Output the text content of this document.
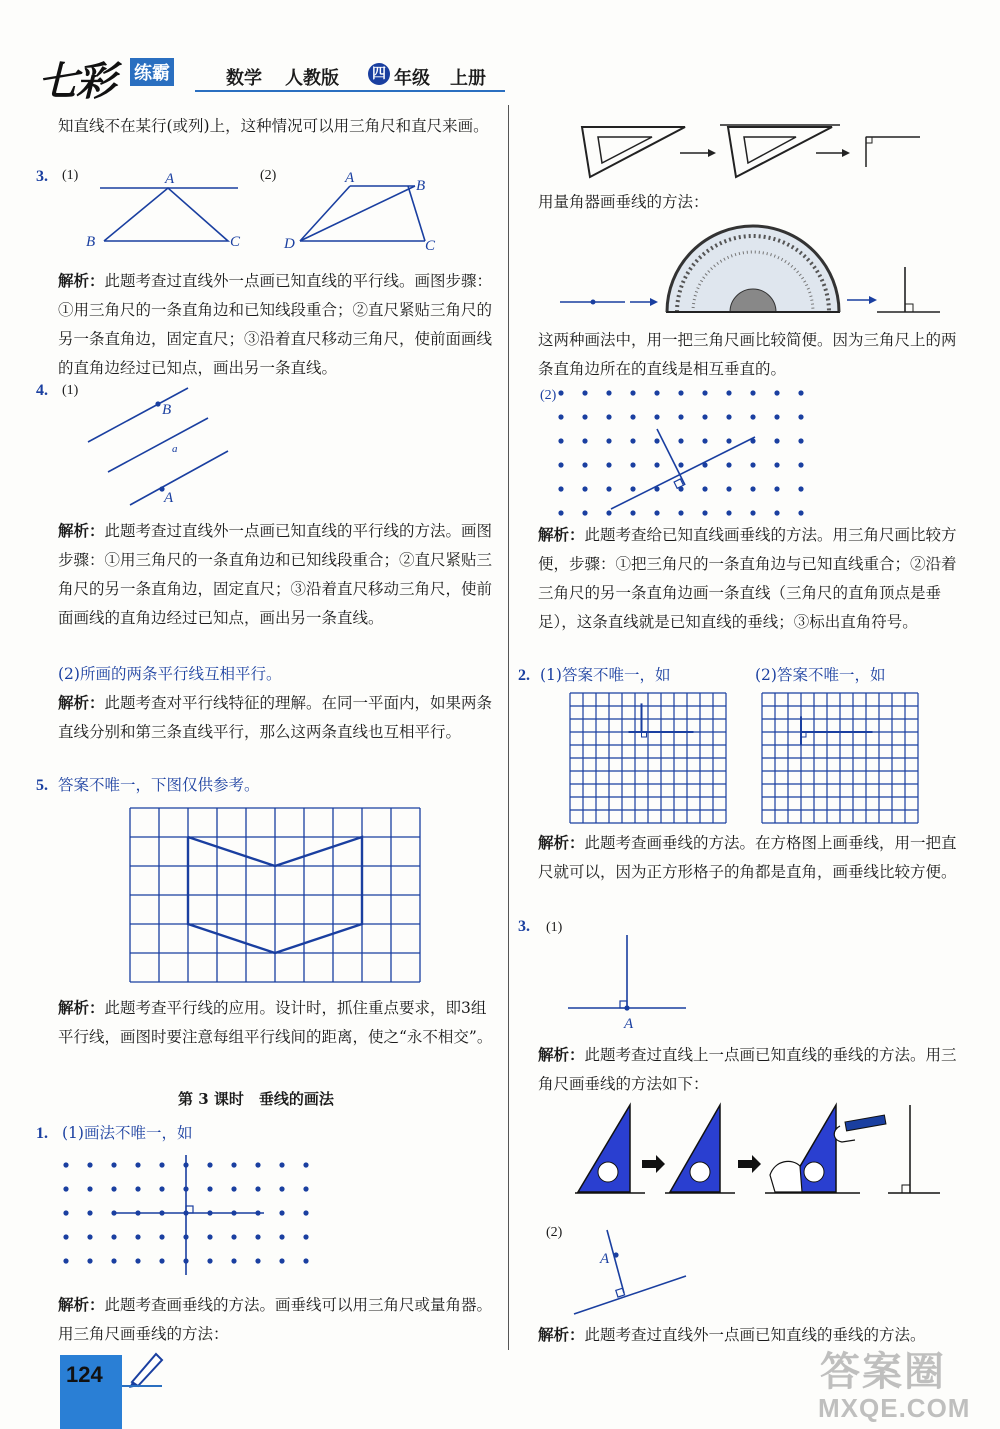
七彩 练霸	数学 人教版 四 年级 上册
知直线不在某行(或列)上，这种情况可以用三角尺和直尺来画。
3. (1)	(2)
A
B	C
A	B
D	C
解析：此题考查过直线外一点画已知直线的平行线。画图步骤：①用三角尺的一条直角边和已知线段重合；②直尺紧贴三角尺的另一条直角边，固定直尺；③沿着直尺移动三角尺，使前面画线的直角边经过已知点，画出另一条直线。
4. (1)
B
a
A
解析：此题考查过直线外一点画已知直线的平行线的方法。画图步骤：①用三角尺的一条直角边和已知线段重合；②直尺紧贴三角尺的另一条直角边，固定直尺；③沿着直尺移动三角尺，使前面画线的直角边经过已知点，画出另一条直线。
(2)所画的两条平行线互相平行。
解析：此题考查对平行线特征的理解。在同一平面内，如果两条直线分别和第三条直线平行，那么这两条直线也互相平行。
5. 答案不唯一，下图仅供参考。
解析：此题考查平行线的应用。设计时，抓住重点要求，即3组平行线，画图时要注意每组平行线间的距离，使之“永不相交”。
第 3 课时　垂线的画法
1. (1)画法不唯一，如
解析：此题考查画垂线的方法。画垂线可以用三角尺或量角器。用三角尺画垂线的方法：
用量角器画垂线的方法：
这两种画法中，用一把三角尺画比较简便。因为三角尺上的两条直角边所在的直线是相互垂直的。
(2)
解析：此题考查给已知直线画垂线的方法。用三角尺画比较方便，步骤：①把三角尺的一条直角边与已知直线重合；②沿着三角尺的另一条直角边画一条直线（三角尺的直角顶点是垂足），这条直线就是已知直线的垂线；③标出直角符号。
2. (1)答案不唯一，如	(2)答案不唯一，如
解析：此题考查画垂线的方法。在方格图上画垂线，用一把直尺就可以，因为正方形格子的角都是直角，画垂线比较方便。
3. (1)
A
解析：此题考查过直线上一点画已知直线的垂线的方法。用三角尺画垂线的方法如下：
(2)
A
解析：此题考查过直线外一点画已知直线的垂线的方法。
124	答案圈
MXQE.COM
